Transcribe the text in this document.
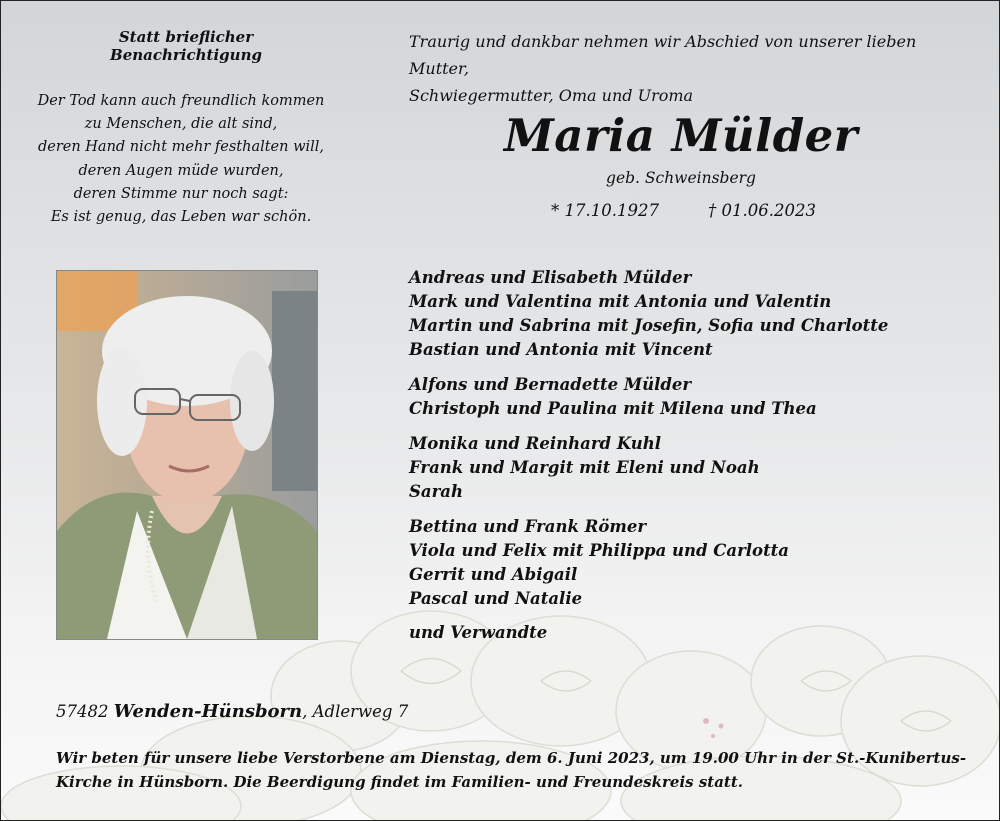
Statt brieflicher Benachrichtigung
Der Tod kann auch freundlich kommen
zu Menschen, die alt sind,
deren Hand nicht mehr festhalten will,
deren Augen müde wurden,
deren Stimme nur noch sagt:
Es ist genug, das Leben war schön.
Traurig und dankbar nehmen wir Abschied von unserer lieben Mutter,
Schwiegermutter, Oma und Uroma
Maria Mülder
geb. Schweinsberg
* 17.10.1927	† 01.06.2023
Andreas und Elisabeth Mülder
Mark und Valentina mit Antonia und Valentin
Martin und Sabrina mit Josefin, Sofia und Charlotte
Bastian und Antonia mit Vincent
Alfons und Bernadette Mülder
Christoph und Paulina mit Milena und Thea
Monika und Reinhard Kuhl
Frank und Margit mit Eleni und Noah
Sarah
Bettina und Frank Römer
Viola und Felix mit Philippa und Carlotta
Gerrit und Abigail
Pascal und Natalie
und Verwandte
57482 Wenden-Hünsborn, Adlerweg 7
Wir beten für unsere liebe Verstorbene am Dienstag, dem 6. Juni 2023, um 19.00 Uhr in der St.-Kunibertus-Kirche in Hünsborn. Die Beerdigung findet im Familien- und Freundeskreis statt.
